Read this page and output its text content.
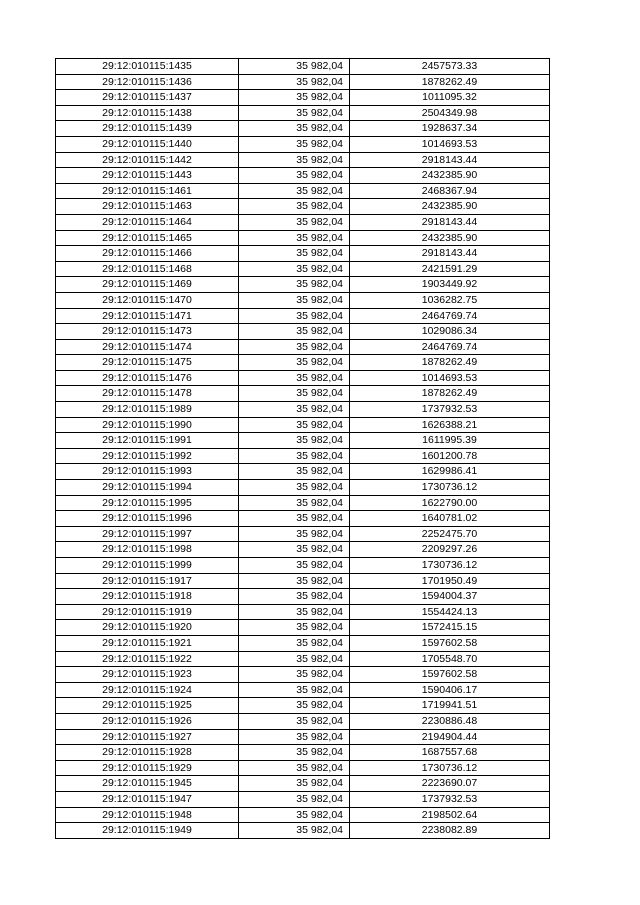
29:12:010115:1435	35 982,04	2457573.33
29:12:010115:1436	35 982,04	1878262.49
29:12:010115:1437	35 982,04	1011095.32
29:12:010115:1438	35 982,04	2504349.98
29:12:010115:1439	35 982,04	1928637.34
29:12:010115:1440	35 982,04	1014693.53
29:12:010115:1442	35 982,04	2918143.44
29:12:010115:1443	35 982,04	2432385.90
29:12:010115:1461	35 982,04	2468367.94
29:12:010115:1463	35 982,04	2432385.90
29:12:010115:1464	35 982,04	2918143.44
29:12:010115:1465	35 982,04	2432385.90
29:12:010115:1466	35 982,04	2918143.44
29:12:010115:1468	35 982,04	2421591.29
29:12:010115:1469	35 982,04	1903449.92
29:12:010115:1470	35 982,04	1036282.75
29:12:010115:1471	35 982,04	2464769.74
29:12:010115:1473	35 982,04	1029086.34
29:12:010115:1474	35 982,04	2464769.74
29:12:010115:1475	35 982,04	1878262.49
29:12:010115:1476	35 982,04	1014693.53
29:12:010115:1478	35 982,04	1878262.49
29:12:010115:1989	35 982,04	1737932.53
29:12:010115:1990	35 982,04	1626388.21
29:12:010115:1991	35 982,04	1611995.39
29:12:010115:1992	35 982,04	1601200.78
29:12:010115:1993	35 982,04	1629986.41
29:12:010115:1994	35 982,04	1730736.12
29:12:010115:1995	35 982,04	1622790.00
29:12:010115:1996	35 982,04	1640781.02
29:12:010115:1997	35 982,04	2252475.70
29:12:010115:1998	35 982,04	2209297.26
29:12:010115:1999	35 982,04	1730736.12
29:12:010115:1917	35 982,04	1701950.49
29:12:010115:1918	35 982,04	1594004.37
29:12:010115:1919	35 982,04	1554424.13
29:12:010115:1920	35 982,04	1572415.15
29:12:010115:1921	35 982,04	1597602.58
29:12:010115:1922	35 982,04	1705548.70
29:12:010115:1923	35 982,04	1597602.58
29:12:010115:1924	35 982,04	1590406.17
29:12:010115:1925	35 982,04	1719941.51
29:12:010115:1926	35 982,04	2230886.48
29:12:010115:1927	35 982,04	2194904.44
29:12:010115:1928	35 982,04	1687557.68
29:12:010115:1929	35 982,04	1730736.12
29:12:010115:1945	35 982,04	2223690.07
29:12:010115:1947	35 982,04	1737932.53
29:12:010115:1948	35 982,04	2198502.64
29:12:010115:1949	35 982,04	2238082.89
